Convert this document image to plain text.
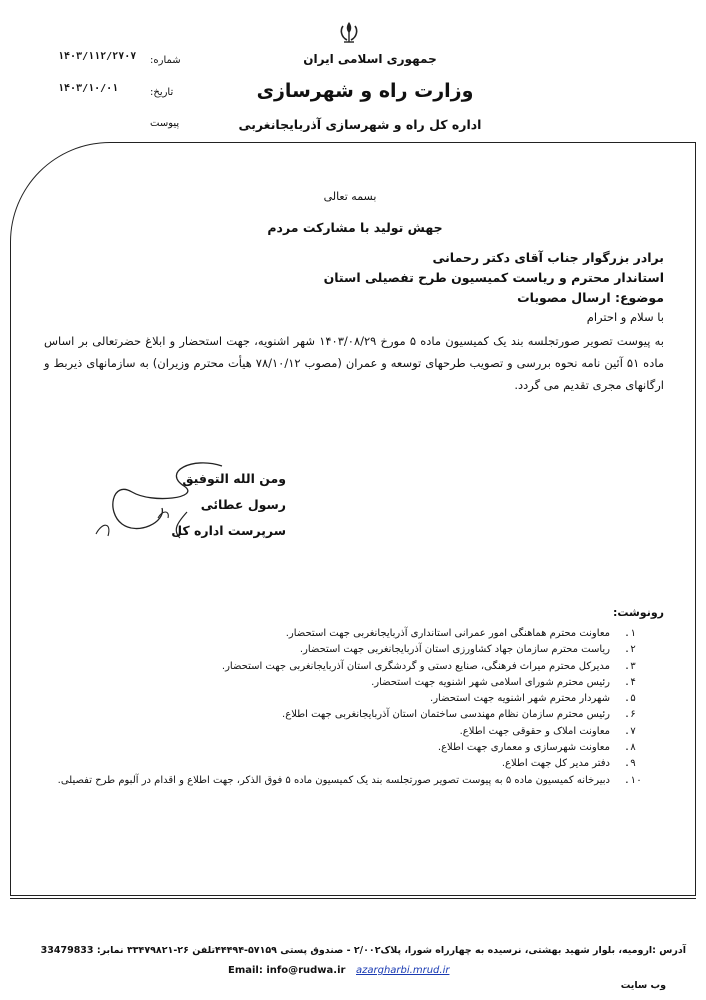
جمهوری اسلامی ایران
وزارت راه و شهرسازی
اداره کل راه و شهرسازی آذربایجانغربی
شماره:
۱۴۰۳/۱۱۲/۲۷۰۷
تاریخ:
۱۴۰۳/۱۰/۰۱
پیوست
بسمه تعالی
جهش تولید با مشارکت مردم
برادر بزرگوار جناب آقای دکتر رحمانی
استاندار محترم و ریاست کمیسیون طرح تفصیلی استان
موضوع: ارسال مصوبات
با سلام و احترام
به پیوست تصویر صورتجلسه بند یک کمیسیون ماده ۵ مورخ ۱۴۰۳/۰۸/۲۹ شهر اشنویه، جهت استحضار و ابلاغ حضرتعالی بر اساس ماده ۵۱ آئین نامه نحوه بررسی و تصویب طرحهای توسعه و عمران (مصوب ۷۸/۱۰/۱۲ هیأت محترم وزیران) به سازمانهای ذیربط و ارگانهای مجری تقدیم می گردد.
ومن الله التوفیق
رسول عطائی
سرپرست اداره کل
رونوشت:
۱.
معاونت محترم هماهنگی امور عمرانی استانداری آذربایجانغربی جهت استحضار.
۲.
ریاست محترم سازمان جهاد کشاورزی استان آذربایجانغربی جهت استحضار.
۳.
مدیرکل محترم میراث فرهنگی، صنایع دستی و گردشگری استان آذربایجانغربی جهت استحضار.
۴.
رئیس محترم شورای اسلامی شهر اشنویه جهت استحضار.
۵.
شهردار محترم شهر اشنویه جهت استحضار.
۶.
رئیس محترم سازمان نظام مهندسی ساختمان استان آذربایجانغربی جهت اطلاع.
۷.
معاونت املاک و حقوقی جهت اطلاع.
۸.
معاونت شهرسازی و معماری جهت اطلاع.
۹.
دفتر مدیر کل جهت اطلاع.
۱۰.
دبیرخانه کمیسیون ماده ۵ به پیوست تصویر صورتجلسه بند یک کمیسیون ماده ۵ فوق الذکر، جهت اطلاع و اقدام در آلبوم طرح تفصیلی.
آدرس :ارومیه، بلوار شهید بهشتی، نرسیده به چهارراه شورا، پلاک۲/۰۰۲ - صندوق پستی ۵۷۱۵۹-۴۴۴۹۴تلفن ۲۶-۳۳۴۷۹۸۲۱ نمابر: 33479833
وب سایت
azargharbi.mrud.ir
Email: info@rudwa.ir
